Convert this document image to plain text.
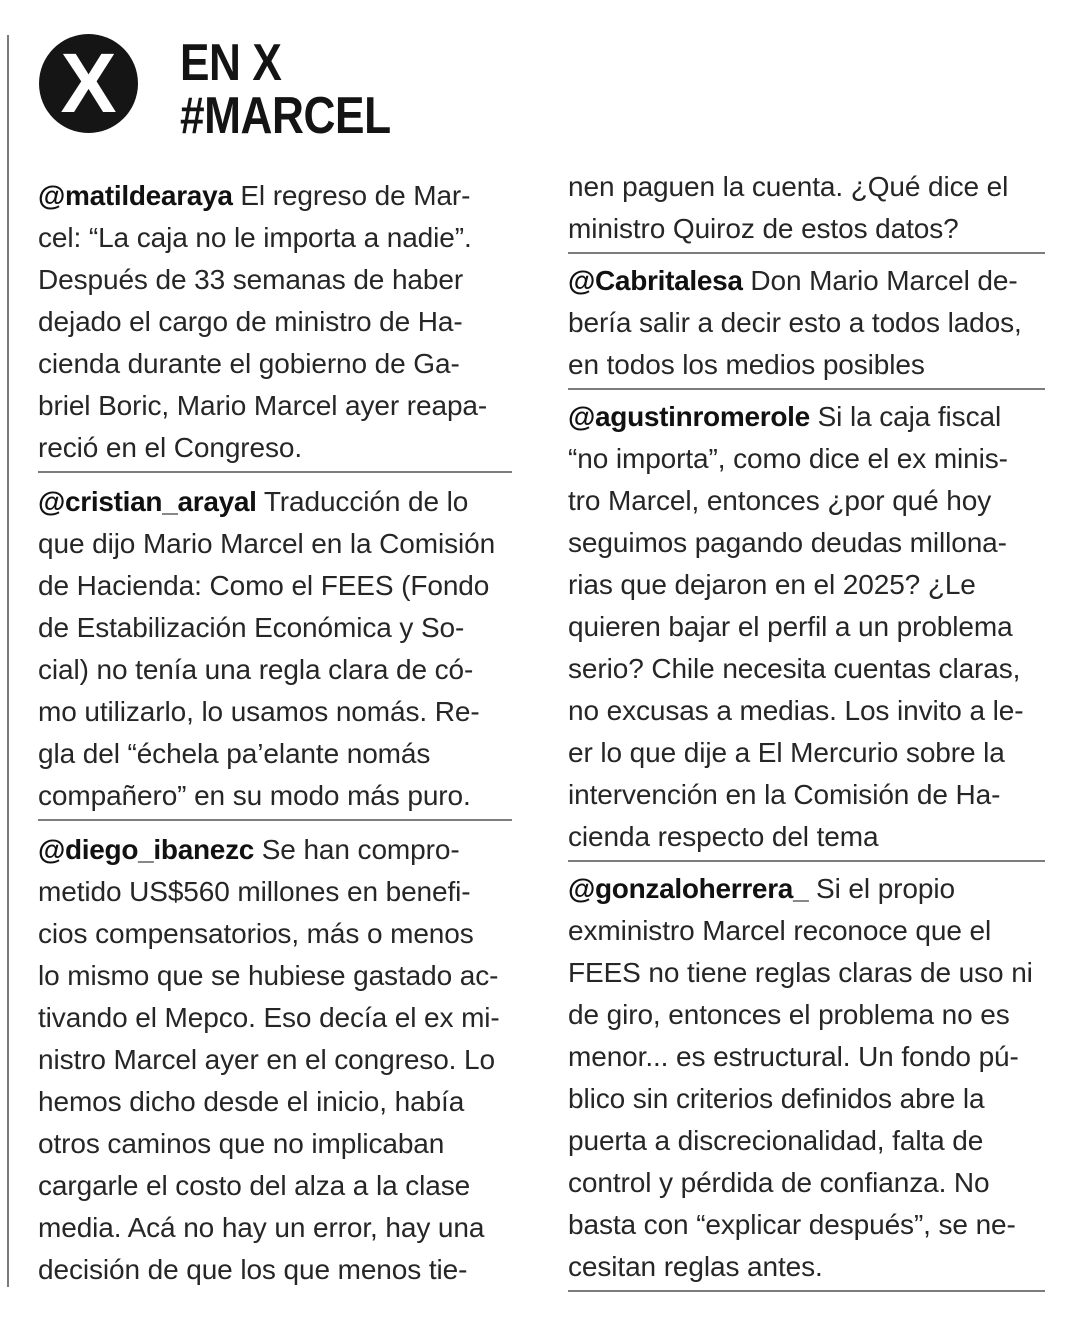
X	EN X
#MARCEL
@matildearaya El regreso de Mar-
cel: “La caja no le importa a nadie”.
Después de 33 semanas de haber
dejado el cargo de ministro de Ha-
cienda durante el gobierno de Ga-
briel Boric, Mario Marcel ayer reapa-
reció en el Congreso.
@cristian_arayal Traducción de lo
que dijo Mario Marcel en la Comisión
de Hacienda: Como el FEES (Fondo
de Estabilización Económica y So-
cial) no tenía una regla clara de có-
mo utilizarlo, lo usamos nomás. Re-
gla del “échela pa’elante nomás
compañero” en su modo más puro.
@diego_ibanezc Se han compro-
metido US$560 millones en benefi-
cios compensatorios, más o menos
lo mismo que se hubiese gastado ac-
tivando el Mepco. Eso decía el ex mi-
nistro Marcel ayer en el congreso. Lo
hemos dicho desde el inicio, había
otros caminos que no implicaban
cargarle el costo del alza a la clase
media. Acá no hay un error, hay una
decisión de que los que menos tie-
nen paguen la cuenta. ¿Qué dice el
ministro Quiroz de estos datos?
@Cabritalesa Don Mario Marcel de-
bería salir a decir esto a todos lados,
en todos los medios posibles
@agustinromerole Si la caja fiscal
“no importa”, como dice el ex minis-
tro Marcel, entonces ¿por qué hoy
seguimos pagando deudas millona-
rias que dejaron en el 2025? ¿Le
quieren bajar el perfil a un problema
serio? Chile necesita cuentas claras,
no excusas a medias. Los invito a le-
er lo que dije a El Mercurio sobre la
intervención en la Comisión de Ha-
cienda respecto del tema
@gonzaloherrera_ Si el propio
exministro Marcel reconoce que el
FEES no tiene reglas claras de uso ni
de giro, entonces el problema no es
menor... es estructural. Un fondo pú-
blico sin criterios definidos abre la
puerta a discrecionalidad, falta de
control y pérdida de confianza. No
basta con “explicar después”, se ne-
cesitan reglas antes.
